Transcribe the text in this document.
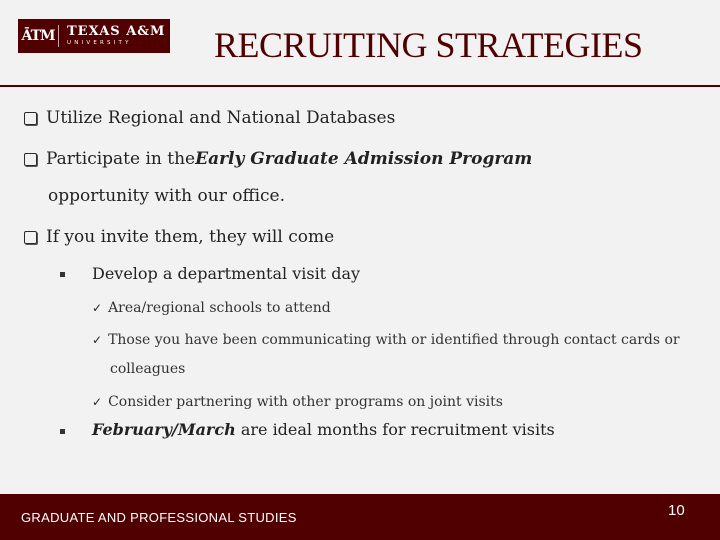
ĀTM TEXAS A&M
UNIVERSITY	RECRUITING STRATEGIES
Utilize Regional and National Databases
Participate in the Early Graduate Admission Program
opportunity with our office.
If you invite them, they will come
Develop a departmental visit day
✓ Area/regional schools to attend
✓ Those you have been communicating with or identified through contact cards or
colleagues
✓ Consider partnering with other programs on joint visits
February/March are ideal months for recruitment visits
GRADUATE AND PROFESSIONAL STUDIES	10
